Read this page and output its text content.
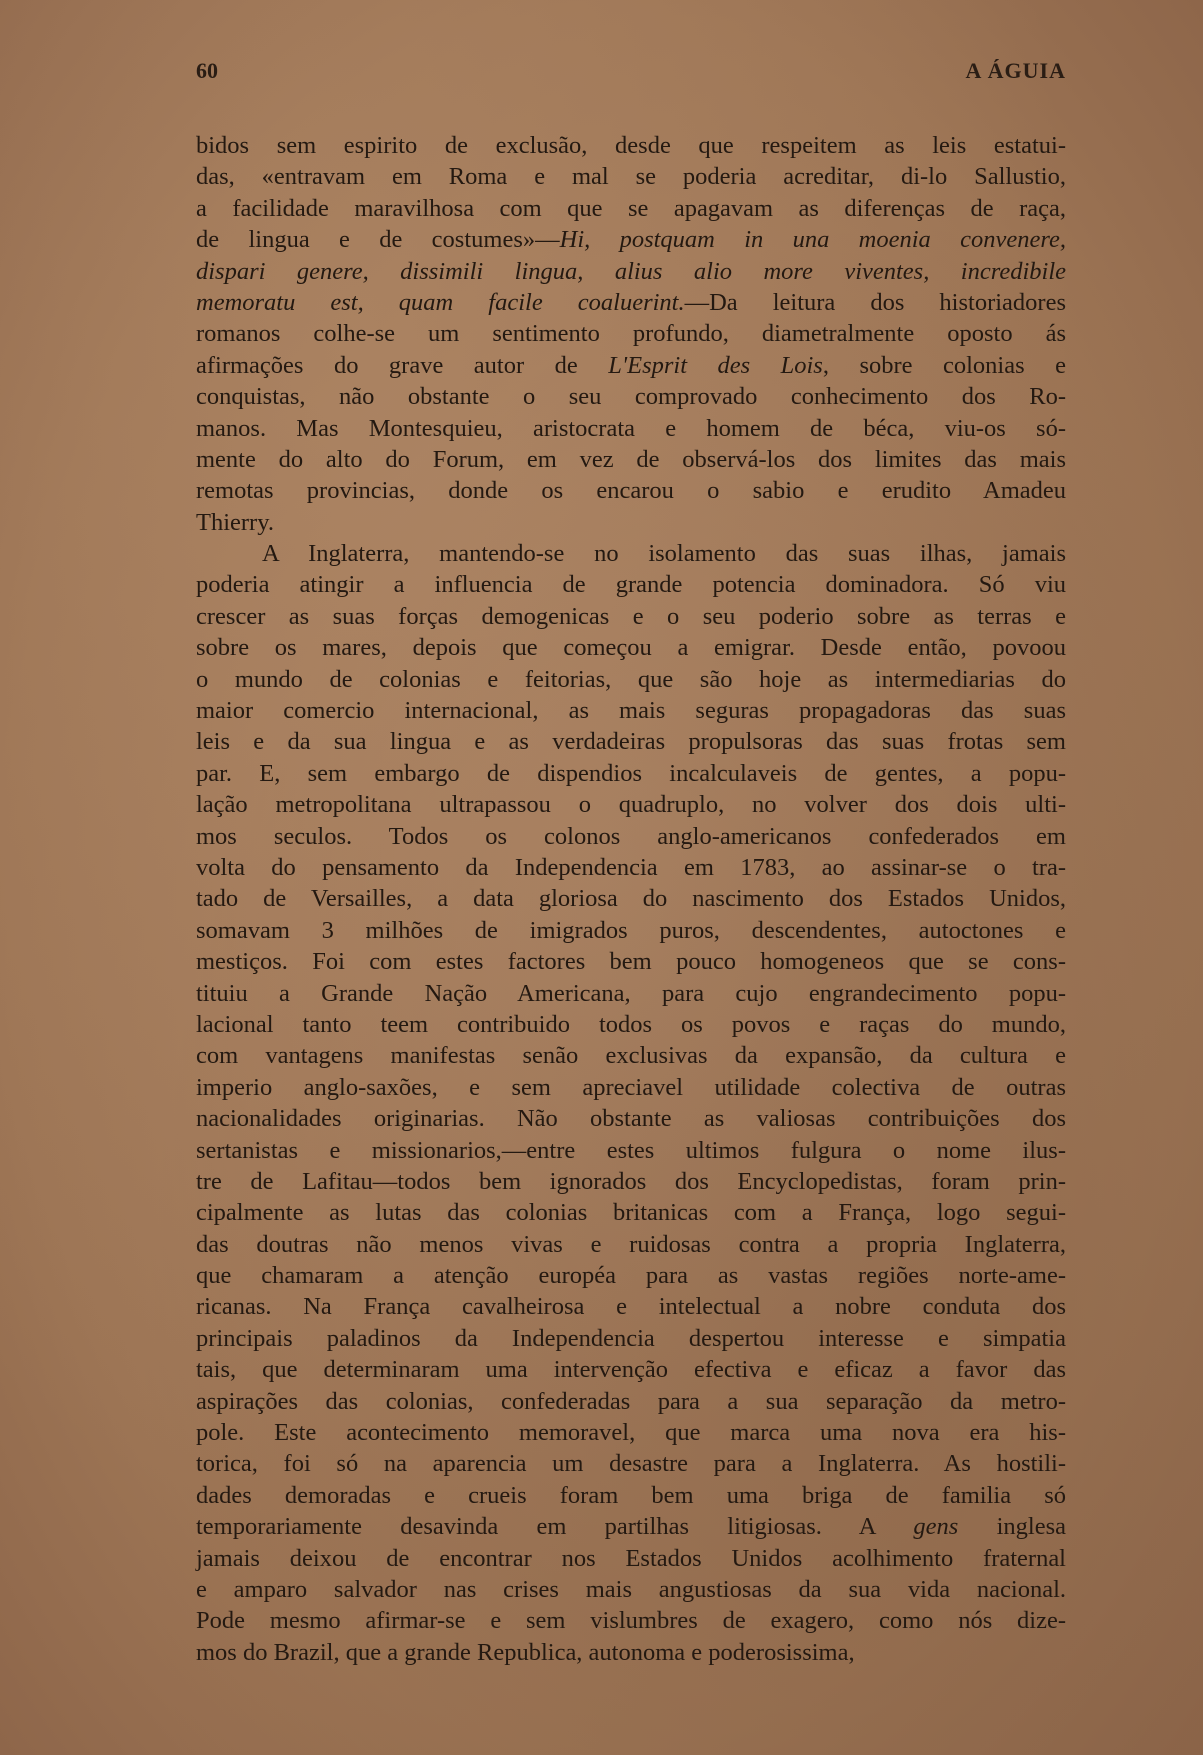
60	A ÁGUIA
bidos sem espirito de exclusão, desde que respeitem as leis estatui-
das, «entravam em Roma e mal se poderia acreditar, di-lo Sallustio,
a facilidade maravilhosa com que se apagavam as diferenças de raça,
de lingua e de costumes»—Hi, postquam in una moenia convenere,
dispari genere, dissimili lingua, alius alio more viventes, incredibile
memoratu est, quam facile coaluerint.—Da leitura dos historiadores
romanos colhe-se um sentimento profundo, diametralmente oposto ás
afirmações do grave autor de L'Esprit des Lois, sobre colonias e
conquistas, não obstante o seu comprovado conhecimento dos Ro-
manos. Mas Montesquieu, aristocrata e homem de béca, viu-os só-
mente do alto do Forum, em vez de observá-los dos limites das mais
remotas provincias, donde os encarou o sabio e erudito Amadeu
Thierry.
A Inglaterra, mantendo-se no isolamento das suas ilhas, jamais
poderia atingir a influencia de grande potencia dominadora. Só viu
crescer as suas forças demogenicas e o seu poderio sobre as terras e
sobre os mares, depois que começou a emigrar. Desde então, povoou
o mundo de colonias e feitorias, que são hoje as intermediarias do
maior comercio internacional, as mais seguras propagadoras das suas
leis e da sua lingua e as verdadeiras propulsoras das suas frotas sem
par. E, sem embargo de dispendios incalculaveis de gentes, a popu-
lação metropolitana ultrapassou o quadruplo, no volver dos dois ulti-
mos seculos. Todos os colonos anglo-americanos confederados em
volta do pensamento da Independencia em 1783, ao assinar-se o tra-
tado de Versailles, a data gloriosa do nascimento dos Estados Unidos,
somavam 3 milhões de imigrados puros, descendentes, autoctones e
mestiços. Foi com estes factores bem pouco homogeneos que se cons-
tituiu a Grande Nação Americana, para cujo engrandecimento popu-
lacional tanto teem contribuido todos os povos e raças do mundo,
com vantagens manifestas senão exclusivas da expansão, da cultura e
imperio anglo-saxões, e sem apreciavel utilidade colectiva de outras
nacionalidades originarias. Não obstante as valiosas contribuições dos
sertanistas e missionarios,—entre estes ultimos fulgura o nome ilus-
tre de Lafitau—todos bem ignorados dos Encyclopedistas, foram prin-
cipalmente as lutas das colonias britanicas com a França, logo segui-
das doutras não menos vivas e ruidosas contra a propria Inglaterra,
que chamaram a atenção européa para as vastas regiões norte-ame-
ricanas. Na França cavalheirosa e intelectual a nobre conduta dos
principais paladinos da Independencia despertou interesse e simpatia
tais, que determinaram uma intervenção efectiva e eficaz a favor das
aspirações das colonias, confederadas para a sua separação da metro-
pole. Este acontecimento memoravel, que marca uma nova era his-
torica, foi só na aparencia um desastre para a Inglaterra. As hostili-
dades demoradas e crueis foram bem uma briga de familia só
temporariamente desavinda em partilhas litigiosas. A gens inglesa
jamais deixou de encontrar nos Estados Unidos acolhimento fraternal
e amparo salvador nas crises mais angustiosas da sua vida nacional.
Pode mesmo afirmar-se e sem vislumbres de exagero, como nós dize-
mos do Brazil, que a grande Republica, autonoma e poderosissima,
